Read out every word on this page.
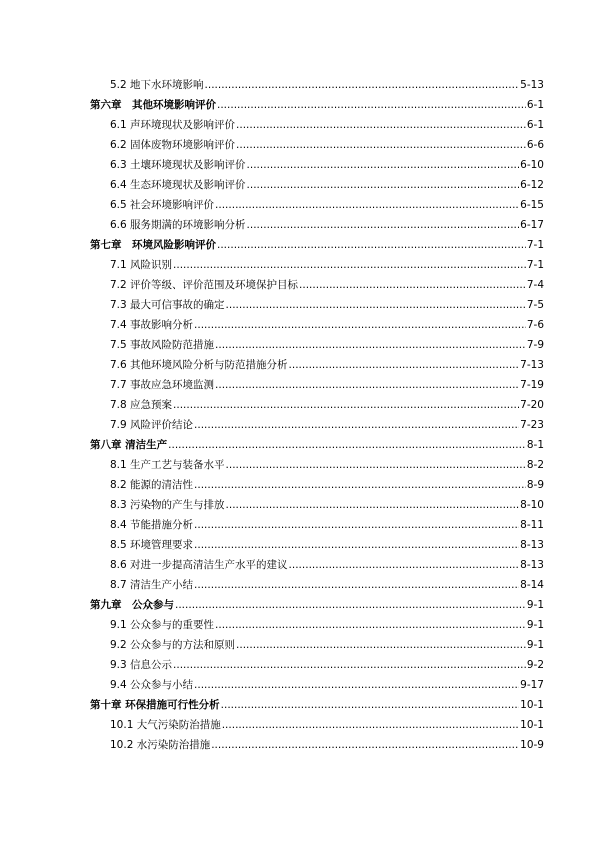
5.2 地下水环境影响 .....	5-13
第六章　其他环境影响评价 .....	6-1
6.1 声环境现状及影响评价 .....	6-1
6.2 固体废物环境影响评价 .....	6-6
6.3 土壤环境现状及影响评价 .....	6-10
6.4 生态环境现状及影响评价 .....	6-12
6.5 社会环境影响评价 .....	6-15
6.6 服务期满的环境影响分析 .....	6-17
第七章　环境风险影响评价 .....	7-1
7.1 风险识别 .....	7-1
7.2 评价等级、评价范围及环境保护目标 .....	7-4
7.3 最大可信事故的确定 .....	7-5
7.4 事故影响分析 .....	7-6
7.5 事故风险防范措施 .....	7-9
7.6 其他环境风险分析与防范措施分析 .....	7-13
7.7 事故应急环境监测 .....	7-19
7.8 应急预案 .....	7-20
7.9 风险评价结论 .....	7-23
第八章 清洁生产 .....	8-1
8.1 生产工艺与装备水平 .....	8-2
8.2 能源的清洁性 .....	8-9
8.3 污染物的产生与排放 .....	8-10
8.4 节能措施分析 .....	8-11
8.5 环境管理要求 .....	8-13
8.6 对进一步提高清洁生产水平的建议 .....	8-13
8.7 清洁生产小结 .....	8-14
第九章　公众参与 .....	9-1
9.1 公众参与的重要性 .....	9-1
9.2 公众参与的方法和原则 .....	9-1
9.3 信息公示 .....	9-2
9.4 公众参与小结 .....	9-17
第十章 环保措施可行性分析 .....	10-1
10.1 大气污染防治措施 .....	10-1
10.2 水污染防治措施 .....	10-9
